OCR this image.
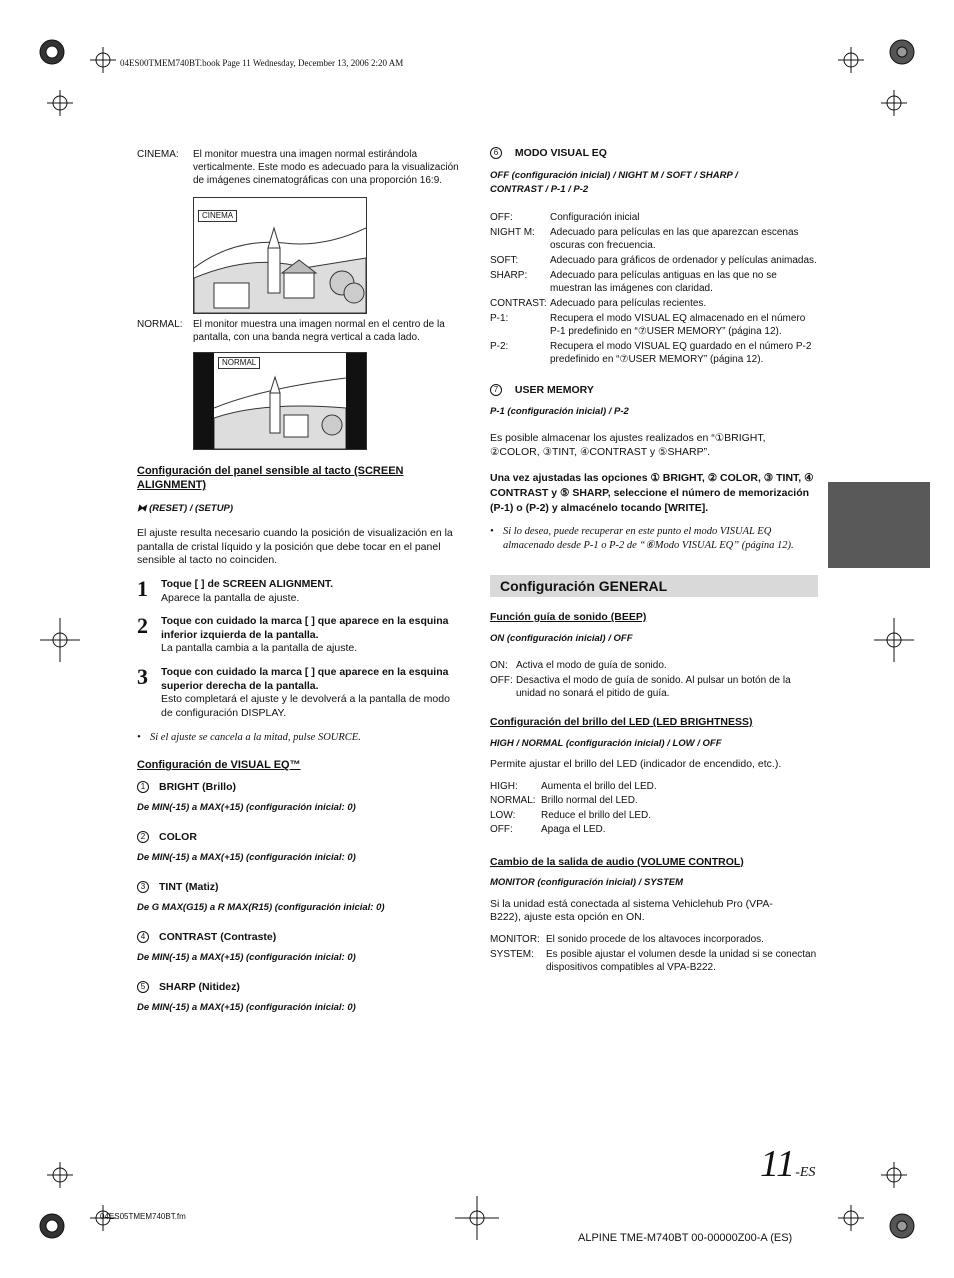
04ES00TMEM740BT.book Page 11 Wednesday, December 13, 2006 2:20 AM
CINEMA:	El monitor muestra una imagen normal estirándola verticalmente. Este modo es adecuado para la visualización de imágenes cinematográficas con una proporción 16:9.
CINEMA
NORMAL:	El monitor muestra una imagen normal en el centro de la pantalla, con una banda negra vertical a cada lado.
NORMAL
Configuración del panel sensible al tacto (SCREEN ALIGNMENT)
⧓ (RESET) / (SETUP)
El ajuste resulta necesario cuando la posición de visualización en la pantalla de cristal líquido y la posición que debe tocar en el panel sensible al tacto no coinciden.
1	Toque [ ] de SCREEN ALIGNMENT.
Aparece la pantalla de ajuste.
2	Toque con cuidado la marca [ ] que aparece en la esquina inferior izquierda de la pantalla.
La pantalla cambia a la pantalla de ajuste.
3	Toque con cuidado la marca [ ] que aparece en la esquina superior derecha de la pantalla.
Esto completará el ajuste y le devolverá a la pantalla de modo de configuración DISPLAY.
• Si el ajuste se cancela a la mitad, pulse SOURCE.
Configuración de VISUAL EQ™
1 BRIGHT (Brillo)
De MIN(-15) a MAX(+15) (configuración inicial: 0)
2 COLOR
De MIN(-15) a MAX(+15) (configuración inicial: 0)
3 TINT (Matiz)
De G MAX(G15) a R MAX(R15) (configuración inicial: 0)
4 CONTRAST (Contraste)
De MIN(-15) a MAX(+15) (configuración inicial: 0)
5 SHARP (Nitidez)
De MIN(-15) a MAX(+15) (configuración inicial: 0)
6 MODO VISUAL EQ
OFF (configuración inicial) / NIGHT M / SOFT / SHARP / CONTRAST / P-1 / P-2
OFF:	Configuración inicial
NIGHT M:	Adecuado para películas en las que aparezcan escenas oscuras con frecuencia.
SOFT:	Adecuado para gráficos de ordenador y películas animadas.
SHARP:	Adecuado para películas antiguas en las que no se muestran las imágenes con claridad.
CONTRAST: Adecuado para películas recientes.
P-1:	Recupera el modo VISUAL EQ almacenado en el número P-1 predefinido en “⑦USER MEMORY” (página 12).
P-2:	Recupera el modo VISUAL EQ guardado en el número P-2 predefinido en “⑦USER MEMORY” (página 12).
7 USER MEMORY
P-1 (configuración inicial) / P-2
Es posible almacenar los ajustes realizados en “①BRIGHT, ②COLOR, ③TINT, ④CONTRAST y ⑤SHARP”.
Una vez ajustadas las opciones ① BRIGHT, ② COLOR, ③ TINT, ④ CONTRAST y ⑤ SHARP, seleccione el número de memorización (P-1) o (P-2) y almacénelo tocando [WRITE].
• Si lo desea, puede recuperar en este punto el modo VISUAL EQ almacenado desde P-1 o P-2 de “⑥Modo VISUAL EQ” (página 12).
Configuración GENERAL
Función guía de sonido (BEEP)
ON (configuración inicial) / OFF
ON: Activa el modo de guía de sonido.
OFF: Desactiva el modo de guía de sonido. Al pulsar un botón de la unidad no sonará el pitido de guía.
Configuración del brillo del LED (LED BRIGHTNESS)
HIGH / NORMAL (configuración inicial) / LOW / OFF
Permite ajustar el brillo del LED (indicador de encendido, etc.).
HIGH:	Aumenta el brillo del LED.
NORMAL: Brillo normal del LED.
LOW:	Reduce el brillo del LED.
OFF:	Apaga el LED.
Cambio de la salida de audio (VOLUME CONTROL)
MONITOR (configuración inicial) / SYSTEM
Si la unidad está conectada al sistema Vehiclehub Pro (VPA-B222), ajuste esta opción en ON.
MONITOR: El sonido procede de los altavoces incorporados.
SYSTEM:	Es posible ajustar el volumen desde la unidad si se conectan dispositivos compatibles al VPA-B222.
11-ES
04ES05TMEM740BT.fm
ALPINE TME-M740BT 00-00000Z00-A (ES)
